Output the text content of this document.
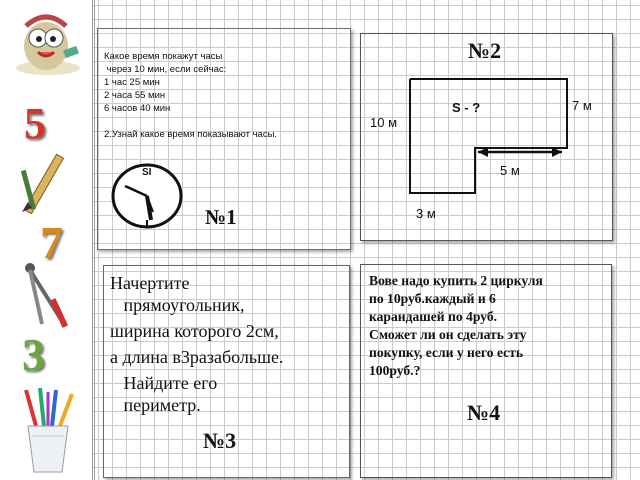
5
7
3
Какое время покажут часы
через 10 мин, если сейчас:
1 час 25 мин
2 часа 55 мин
6 часов 40 мин
2.Узнай какое время показывают часы.
SI
№1
№2
S - ?	7 м
10 м
5 м
3 м
Начертите
прямоугольник,
ширина которого 2см,
а длина в3разабольше.
Найдите его
периметр.
№3
Вове надо купить 2 циркуля
по 10руб.каждый и 6
карандашей по 4руб.
Сможет ли он сделать эту
покупку, если у него есть
100руб.?
№4
